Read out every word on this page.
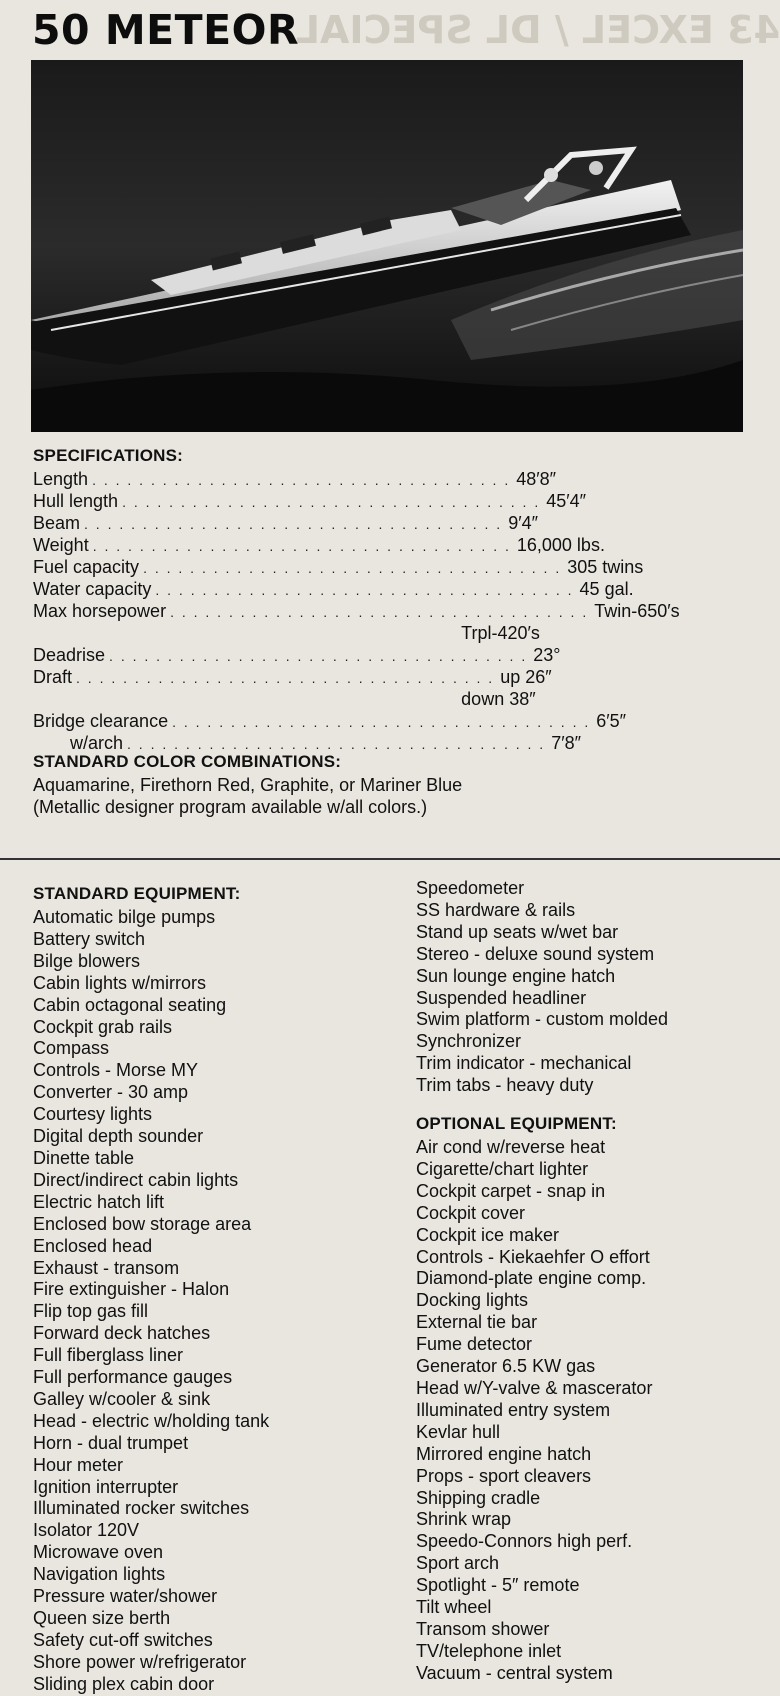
43 EXCEL / DL SPECIAL
50 METEOR
SPECIFICATIONS:
Length . . . . . . . . . . . . . . . . . . . . . . . . . . . . . . . . . . . . 48′8″
Hull length . . . . . . . . . . . . . . . . . . . . . . . . . . . . . . . . . . . . 45′4″
Beam . . . . . . . . . . . . . . . . . . . . . . . . . . . . . . . . . . . . 9′4″
Weight . . . . . . . . . . . . . . . . . . . . . . . . . . . . . . . . . . . . 16,000 lbs.
Fuel capacity . . . . . . . . . . . . . . . . . . . . . . . . . . . . . . . . . . . . 305 twins
Water capacity . . . . . . . . . . . . . . . . . . . . . . . . . . . . . . . . . . . . 45 gal.
Max horsepower . . . . . . . . . . . . . . . . . . . . . . . . . . . . . . . . . . . . Twin-650′s
Trpl-420′s
Deadrise . . . . . . . . . . . . . . . . . . . . . . . . . . . . . . . . . . . . 23°
Draft . . . . . . . . . . . . . . . . . . . . . . . . . . . . . . . . . . . . up 26″
down 38″
Bridge clearance . . . . . . . . . . . . . . . . . . . . . . . . . . . . . . . . . . . . 6′5″
w/arch . . . . . . . . . . . . . . . . . . . . . . . . . . . . . . . . . . . . 7′8″
STANDARD COLOR COMBINATIONS:
Aquamarine, Firethorn Red, Graphite, or Mariner Blue
(Metallic designer program available w/all colors.)
STANDARD EQUIPMENT:
Automatic bilge pumps
Battery switch
Bilge blowers
Cabin lights w/mirrors
Cabin octagonal seating
Cockpit grab rails
Compass
Controls - Morse MY
Converter - 30 amp
Courtesy lights
Digital depth sounder
Dinette table
Direct/indirect cabin lights
Electric hatch lift
Enclosed bow storage area
Enclosed head
Exhaust - transom
Fire extinguisher - Halon
Flip top gas fill
Forward deck hatches
Full fiberglass liner
Full performance gauges
Galley w/cooler & sink
Head - electric w/holding tank
Horn - dual trumpet
Hour meter
Ignition interrupter
Illuminated rocker switches
Isolator 120V
Microwave oven
Navigation lights
Pressure water/shower
Queen size berth
Safety cut-off switches
Shore power w/refrigerator
Sliding plex cabin door
Speedometer
SS hardware & rails
Stand up seats w/wet bar
Stereo - deluxe sound system
Sun lounge engine hatch
Suspended headliner
Swim platform - custom molded
Synchronizer
Trim indicator - mechanical
Trim tabs - heavy duty
OPTIONAL EQUIPMENT:
Air cond w/reverse heat
Cigarette/chart lighter
Cockpit carpet - snap in
Cockpit cover
Cockpit ice maker
Controls - Kiekaehfer O effort
Diamond-plate engine comp.
Docking lights
External tie bar
Fume detector
Generator 6.5 KW gas
Head w/Y-valve & mascerator
Illuminated entry system
Kevlar hull
Mirrored engine hatch
Props - sport cleavers
Shipping cradle
Shrink wrap
Speedo-Connors high perf.
Sport arch
Spotlight - 5″ remote
Tilt wheel
Transom shower
TV/telephone inlet
Vacuum - central system
